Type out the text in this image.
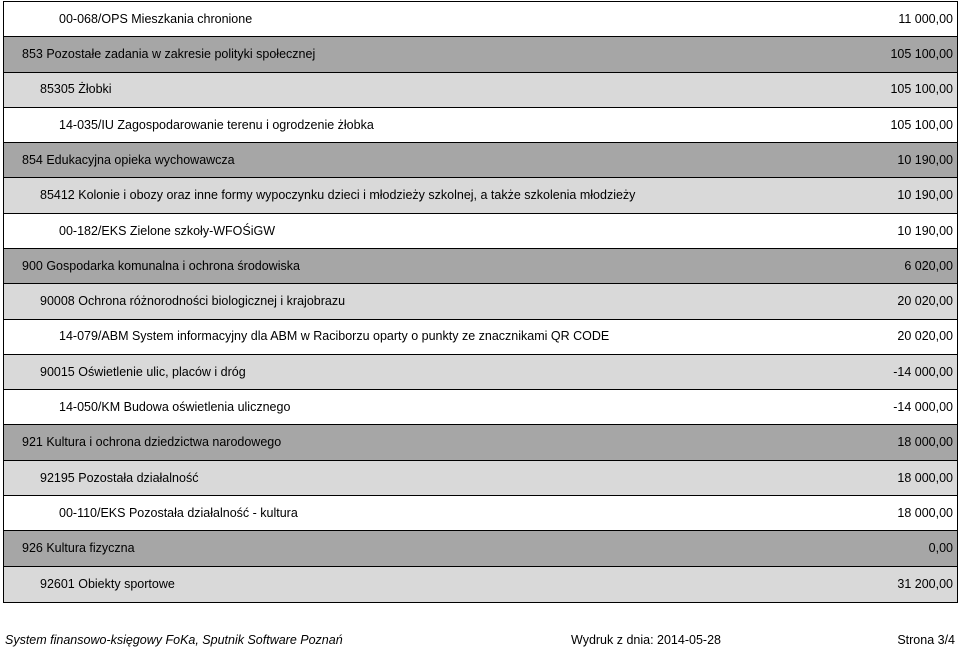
00-068/OPS Mieszkania chronione	11 000,00
853 Pozostałe zadania w zakresie polityki społecznej	105 100,00
85305 Żłobki	105 100,00
14-035/IU Zagospodarowanie terenu i ogrodzenie żłobka	105 100,00
854 Edukacyjna opieka wychowawcza	10 190,00
85412 Kolonie i obozy oraz inne formy wypoczynku dzieci i młodzieży szkolnej, a także szkolenia młodzieży	10 190,00
00-182/EKS Zielone szkoły-WFOŚiGW	10 190,00
900 Gospodarka komunalna i ochrona środowiska	6 020,00
90008 Ochrona różnorodności biologicznej i krajobrazu	20 020,00
14-079/ABM System informacyjny dla ABM w Raciborzu oparty o punkty ze znacznikami QR CODE	20 020,00
90015 Oświetlenie ulic, placów i dróg	-14 000,00
14-050/KM Budowa oświetlenia ulicznego	-14 000,00
921 Kultura i ochrona dziedzictwa narodowego	18 000,00
92195 Pozostała działalność	18 000,00
00-110/EKS Pozostała działalność - kultura	18 000,00
926 Kultura fizyczna	0,00
92601 Obiekty sportowe	31 200,00
System finansowo-księgowy FoKa, Sputnik Software Poznań	Wydruk z dnia: 2014-05-28	Strona 3/4
